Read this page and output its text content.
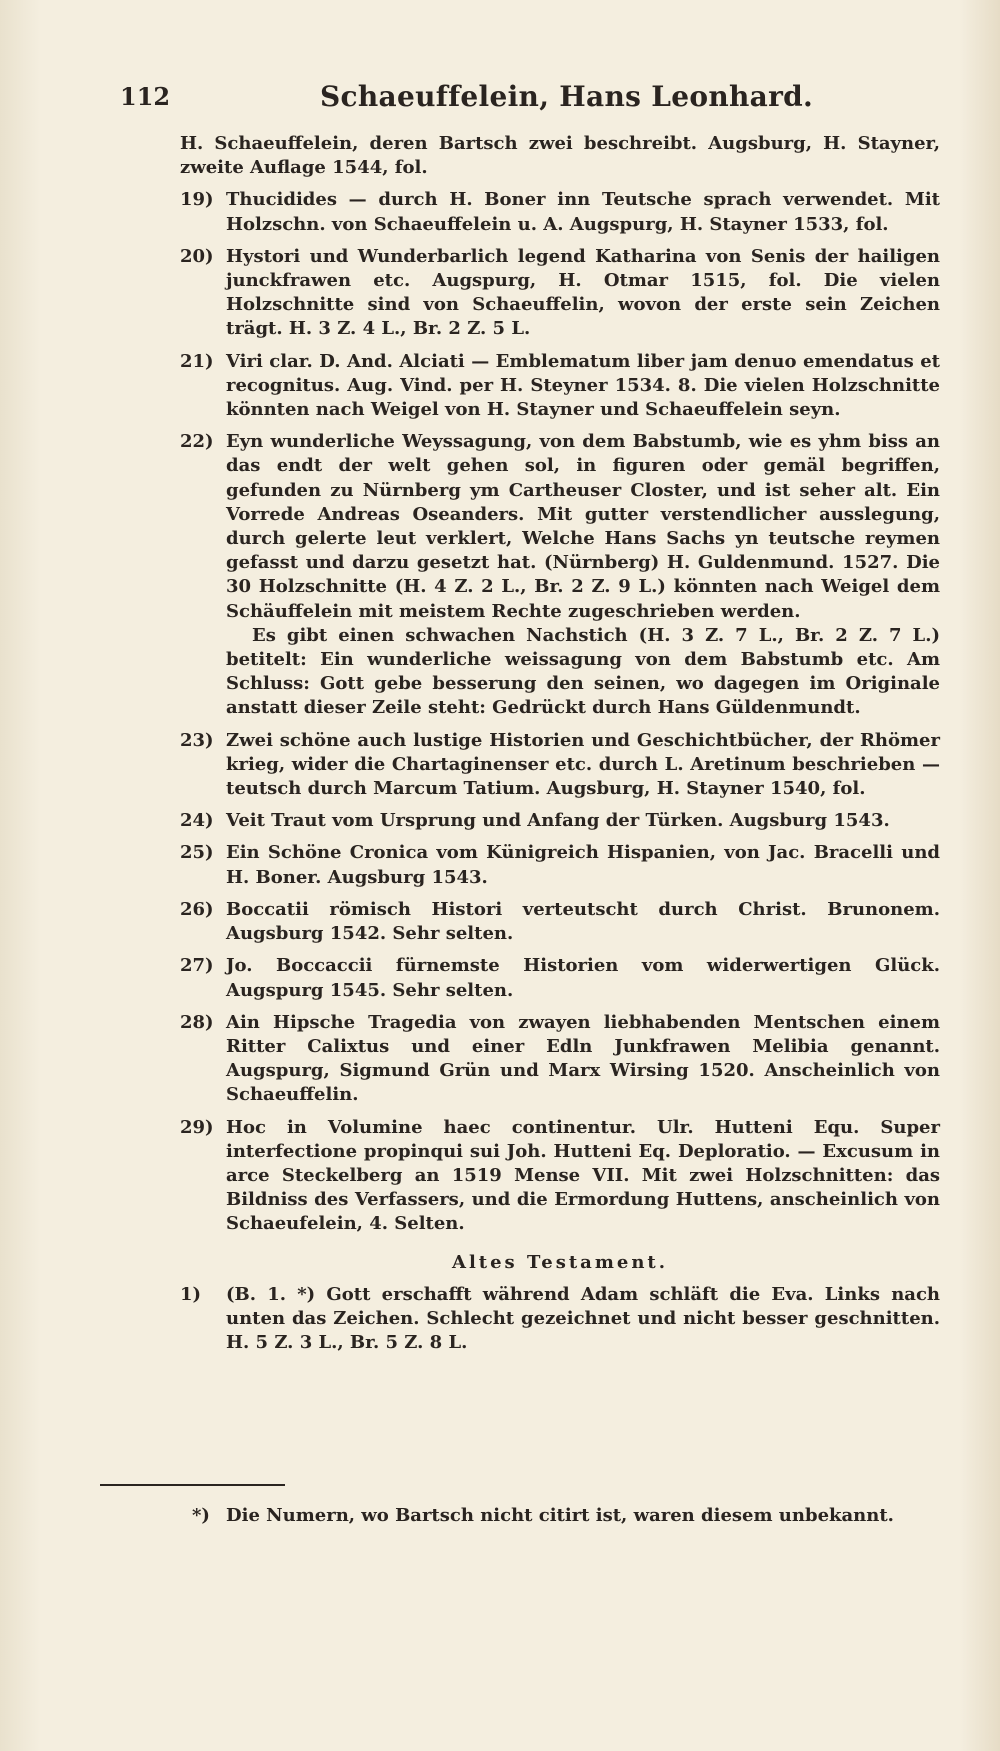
112	Schaeuffelein, Hans Leonhard.

H. Schaeuffelein, deren Bartsch zwei beschreibt. Augsburg, H. Stayner, zweite Auflage 1544, fol.

19) Thucidides — durch H. Boner inn Teutsche sprach verwendet. Mit Holzschn. von Schaeuffelein u. A. Augspurg, H. Stayner 1533, fol.

20) Hystori und Wunderbarlich legend Katharina von Senis der hailigen junckfrawen etc. Augspurg, H. Otmar 1515, fol. Die vielen Holzschnitte sind von Schaeuffelin, wovon der erste sein Zeichen trägt. H. 3 Z. 4 L., Br. 2 Z. 5 L.

21) Viri clar. D. And. Alciati — Emblematum liber jam denuo emendatus et recognitus. Aug. Vind. per H. Steyner 1534. 8. Die vielen Holzschnitte könnten nach Weigel von H. Stayner und Schaeuffelein seyn.

22) Eyn wunderliche Weyssagung, von dem Babstumb, wie es yhm biss an das endt der welt gehen sol, in figuren oder gemäl begriffen, gefunden zu Nürnberg ym Cartheuser Closter, und ist seher alt. Ein Vorrede Andreas Oseanders. Mit gutter verstendlicher ausslegung, durch gelerte leut verklert, Welche Hans Sachs yn teutsche reymen gefasst und darzu gesetzt hat. (Nürnberg) H. Guldenmund. 1527. Die 30 Holzschnitte (H. 4 Z. 2 L., Br. 2 Z. 9 L.) könnten nach Weigel dem Schäuffelein mit meistem Rechte zugeschrieben werden.

Es gibt einen schwachen Nachstich (H. 3 Z. 7 L., Br. 2 Z. 7 L.) betitelt: Ein wunderliche weissagung von dem Babstumb etc. Am Schluss: Gott gebe besserung den seinen, wo dagegen im Originale anstatt dieser Zeile steht: Gedrückt durch Hans Güldenmundt.

23) Zwei schöne auch lustige Historien und Geschichtbücher, der Rhömer krieg, wider die Chartaginenser etc. durch L. Aretinum beschrieben — teutsch durch Marcum Tatium. Augsburg, H. Stayner 1540, fol.

24) Veit Traut vom Ursprung und Anfang der Türken. Augsburg 1543.

25) Ein Schöne Cronica vom Künigreich Hispanien, von Jac. Bracelli und H. Boner. Augsburg 1543.

26) Boccatii römisch Histori verteutscht durch Christ. Brunonem. Augsburg 1542. Sehr selten.

27) Jo. Boccaccii fürnemste Historien vom widerwertigen Glück. Augspurg 1545. Sehr selten.

28) Ain Hipsche Tragedia von zwayen liebhabenden Mentschen einem Ritter Calixtus und einer Edln Junkfrawen Melibia genannt. Augspurg, Sigmund Grün und Marx Wirsing 1520. Anscheinlich von Schaeuffelin.

29) Hoc in Volumine haec continentur. Ulr. Hutteni Equ. Super interfectione propinqui sui Joh. Hutteni Eq. Deploratio. — Excusum in arce Steckelberg an 1519 Mense VII. Mit zwei Holzschnitten: das Bildniss des Verfassers, und die Ermordung Huttens, anscheinlich von Schaeufelein, 4. Selten.

Altes Testament.
1) (B. 1. *) Gott erschafft während Adam schläft die Eva. Links nach unten das Zeichen. Schlecht gezeichnet und nicht besser geschnitten. H. 5 Z. 3 L., Br. 5 Z. 8 L.

*) Die Numern, wo Bartsch nicht citirt ist, waren diesem unbekannt.
